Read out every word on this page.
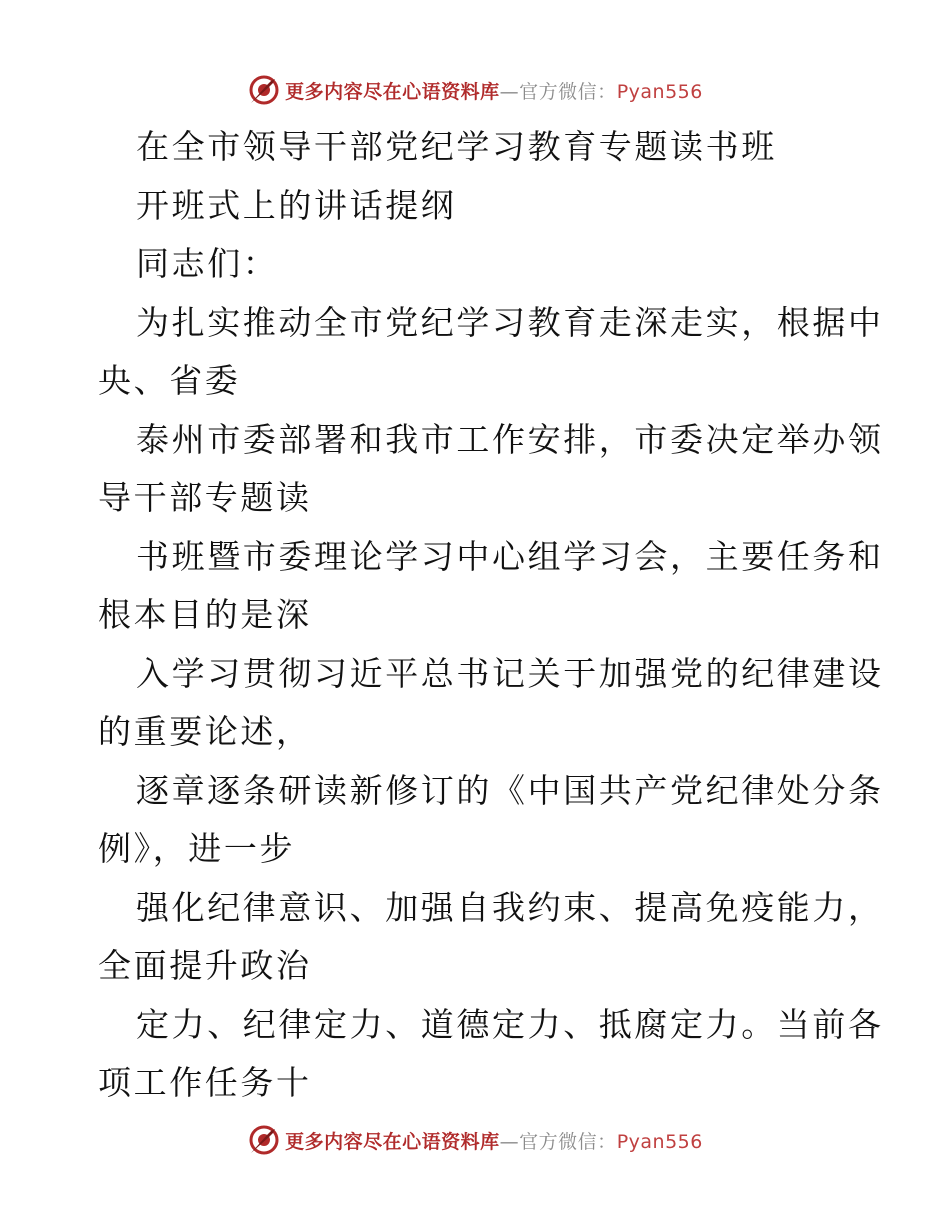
更多内容尽在心语资料库—官方微信：Pyan556
在全市领导干部党纪学习教育专题读书班
开班式上的讲话提纲
同志们：
为扎实推动全市党纪学习教育走深走实，根据中
央、省委
泰州市委部署和我市工作安排，市委决定举办领
导干部专题读
书班暨市委理论学习中心组学习会，主要任务和
根本目的是深
入学习贯彻习近平总书记关于加强党的纪律建设
的重要论述，
逐章逐条研读新修订的《中国共产党纪律处分条
例》，进一步
强化纪律意识、加强自我约束、提高免疫能力，
全面提升政治
定力、纪律定力、道德定力、抵腐定力。当前各
项工作任务十
更多内容尽在心语资料库—官方微信：Pyan556
